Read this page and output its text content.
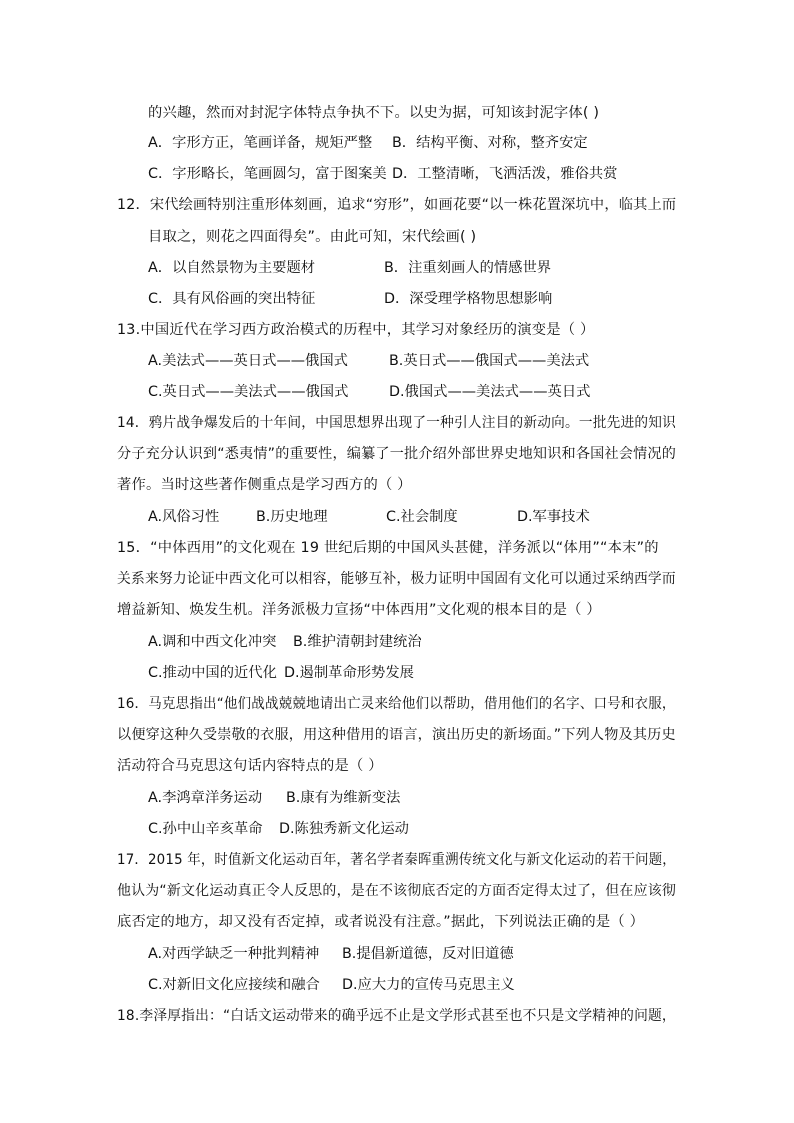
的兴趣，然而对封泥字体特点争执不下。以史为据，可知该封泥字体( )
A．字形方正，笔画详备，规矩严整 B．结构平衡、对称，整齐安定
C．字形略长，笔画圆匀，富于图案美 D．工整清晰，飞洒活泼，雅俗共赏
12．宋代绘画特别注重形体刻画，追求“穷形”，如画花要“以一株花置深坑中，临其上而
目取之，则花之四面得矣”。由此可知，宋代绘画( )
A．以自然景物为主要题材	B．注重刻画人的情感世界
C．具有风俗画的突出特征	D．深受理学格物思想影响
13.中国近代在学习西方政治模式的历程中，其学习对象经历的演变是（ ）
A.美法式——英日式——俄国式	B.英日式——俄国式——美法式
C.英日式——美法式——俄国式	D.俄国式——美法式——英日式
14．鸦片战争爆发后的十年间，中国思想界出现了一种引人注目的新动向。一批先进的知识
分子充分认识到“悉夷情”的重要性，编纂了一批介绍外部世界史地知识和各国社会情况的
著作。当时这些著作侧重点是学习西方的（ ）
A.风俗习性	B.历史地理	C.社会制度	D.军事技术
15．“中体西用”的文化观在 19 世纪后期的中国风头甚健，洋务派以“体用”“本末”的
关系来努力论证中西文化可以相容，能够互补，极力证明中国固有文化可以通过采纳西学而
增益新知、焕发生机。洋务派极力宣扬“中体西用”文化观的根本目的是（ ）
A.调和中西文化冲突 B.维护清朝封建统治
C.推动中国的近代化 D.遏制革命形势发展
16．马克思指出“他们战战兢兢地请出亡灵来给他们以帮助，借用他们的名字、口号和衣服，
以便穿这种久受崇敬的衣服，用这种借用的语言，演出历史的新场面。”下列人物及其历史
活动符合马克思这句话内容特点的是（ ）
A.李鸿章洋务运动 B.康有为维新变法
C.孙中山辛亥革命 D.陈独秀新文化运动
17．2015 年，时值新文化运动百年，著名学者秦晖重溯传统文化与新文化运动的若干问题，
他认为“新文化运动真正令人反思的，是在不该彻底否定的方面否定得太过了，但在应该彻
底否定的地方，却又没有否定掉，或者说没有注意。”据此，下列说法正确的是（ ）
A.对西学缺乏一种批判精神 B.提倡新道德，反对旧道德
C.对新旧文化应接续和融合 D.应大力的宣传马克思主义
18.李泽厚指出：“白话文运动带来的确乎远不止是文学形式甚至也不只是文学精神的问题，
